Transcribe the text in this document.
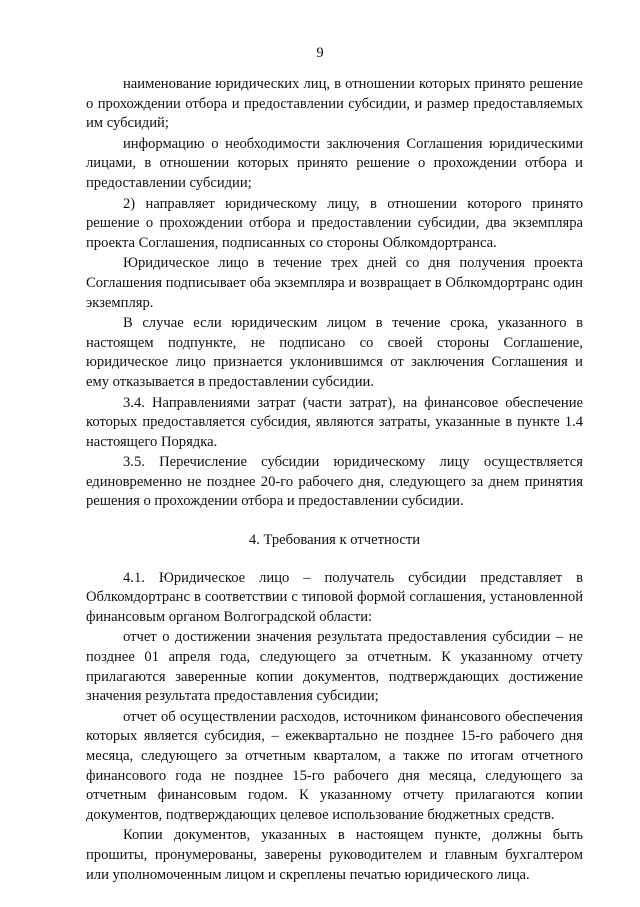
9

наименование юридических лиц, в отношении которых принято решение о прохождении отбора и предоставлении субсидии, и размер предоставляемых им субсидий;

информацию о необходимости заключения Соглашения юридическими лицами, в отношении которых принято решение о прохождении отбора и предоставлении субсидии;

2) направляет юридическому лицу, в отношении которого принято решение о прохождении отбора и предоставлении субсидии, два экземпляра проекта Соглашения, подписанных со стороны Облкомдортранса.

Юридическое лицо в течение трех дней со дня получения проекта Соглашения подписывает оба экземпляра и возвращает в Облкомдортранс один экземпляр.

В случае если юридическим лицом в течение срока, указанного в настоящем подпункте, не подписано со своей стороны Соглашение, юридическое лицо признается уклонившимся от заключения Соглашения и ему отказывается в предоставлении субсидии.

3.4. Направлениями затрат (части затрат), на финансовое обеспечение которых предоставляется субсидия, являются затраты, указанные в пункте 1.4 настоящего Порядка.

3.5. Перечисление субсидии юридическому лицу осуществляется единовременно не позднее 20-го рабочего дня, следующего за днем принятия решения о прохождении отбора и предоставлении субсидии.

4. Требования к отчетности

4.1. Юридическое лицо – получатель субсидии представляет в Облкомдортранс в соответствии с типовой формой соглашения, установленной финансовым органом Волгоградской области:

отчет о достижении значения результата предоставления субсидии – не позднее 01 апреля года, следующего за отчетным. К указанному отчету прилагаются заверенные копии документов, подтверждающих достижение значения результата предоставления субсидии;

отчет об осуществлении расходов, источником финансового обеспечения которых является субсидия, – ежеквартально не позднее 15-го рабочего дня месяца, следующего за отчетным кварталом, а также по итогам отчетного финансового года не позднее 15-го рабочего дня месяца, следующего за отчетным финансовым годом. К указанному отчету прилагаются копии документов, подтверждающих целевое использование бюджетных средств.

Копии документов, указанных в настоящем пункте, должны быть прошиты, пронумерованы, заверены руководителем и главным бухгалтером или уполномоченным лицом и скреплены печатью юридического лица.
